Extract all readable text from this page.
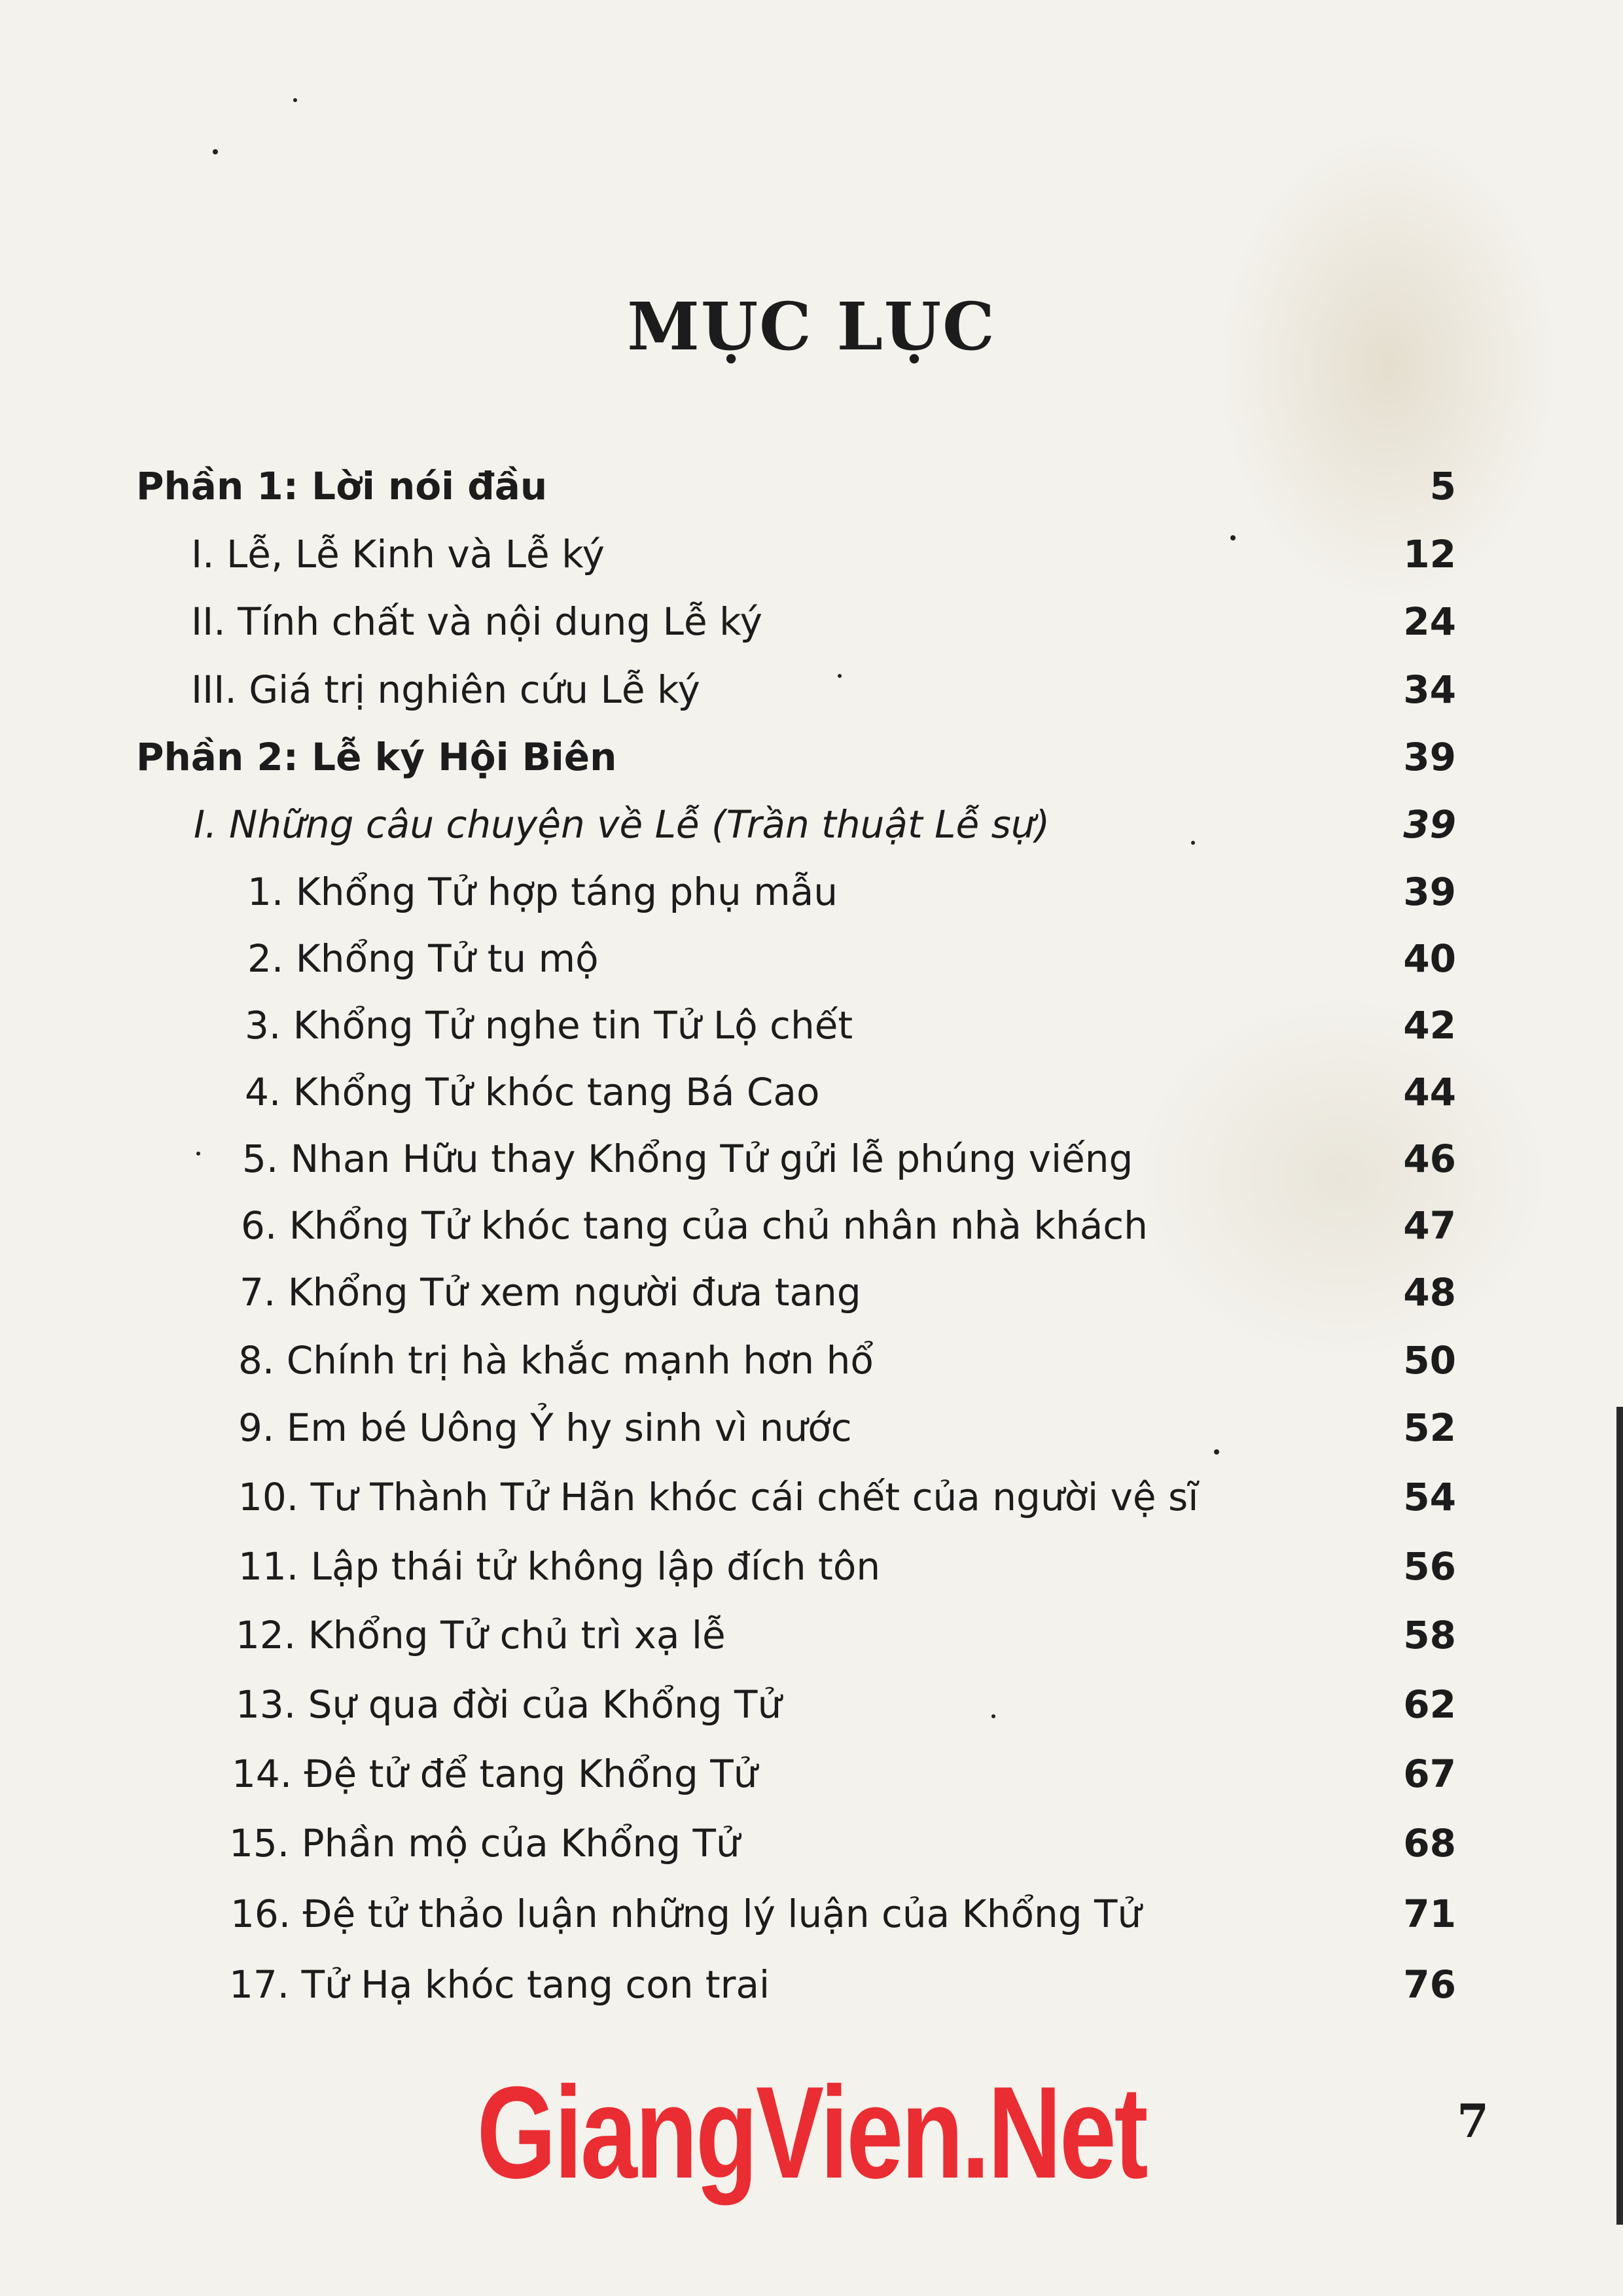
MỤC LỤC
Phần 1: Lời nói đầu	5
I. Lễ, Lễ Kinh và Lễ ký	12
II. Tính chất và nội dung Lễ ký	24
III. Giá trị nghiên cứu Lễ ký	34
Phần 2: Lễ ký Hội Biên	39
I. Những câu chuyện về Lễ (Trần thuật Lễ sự)	39
1. Khổng Tử hợp táng phụ mẫu	39
2. Khổng Tử tu mộ	40
3. Khổng Tử nghe tin Tử Lộ chết	42
4. Khổng Tử khóc tang Bá Cao	44
5. Nhan Hữu thay Khổng Tử gửi lễ phúng viếng	46
6. Khổng Tử khóc tang của chủ nhân nhà khách	47
7. Khổng Tử xem người đưa tang	48
8. Chính trị hà khắc mạnh hơn hổ	50
9. Em bé Uông Ỷ hy sinh vì nước	52
10. Tư Thành Tử Hãn khóc cái chết của người vệ sĩ	54
11. Lập thái tử không lập đích tôn	56
12. Khổng Tử chủ trì xạ lễ	58
13. Sự qua đời của Khổng Tử	62
14. Đệ tử để tang Khổng Tử	67
15. Phần mộ của Khổng Tử	68
16. Đệ tử thảo luận những lý luận của Khổng Tử	71
17. Tử Hạ khóc tang con trai	76
GiangVien.Net	7
